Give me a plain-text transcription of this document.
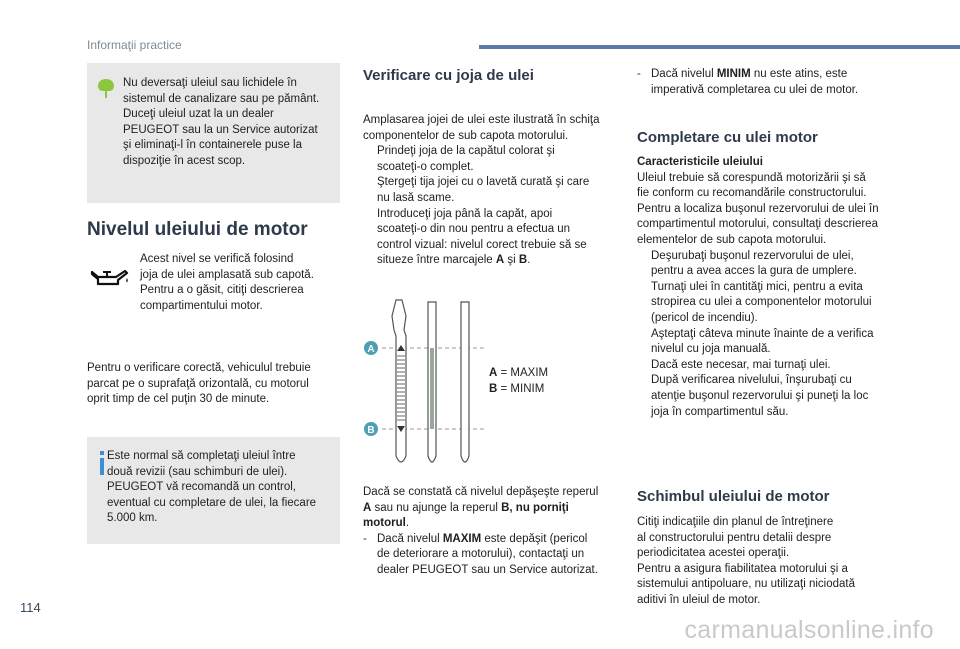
Informaţii practice
Nu deversaţi uleiul sau lichidele în
sistemul de canalizare sau pe pământ.
Duceţi uleiul uzat la un dealer
PEUGEOT sau la un Service autorizat
şi eliminaţi-l în containerele puse la
dispoziţie în acest scop.
Nivelul uleiului de motor
Acest nivel se verifică folosind
joja de ulei amplasată sub capotă.
Pentru a o găsit, citiţi descrierea
compartimentului motor.
Pentru o verificare corectă, vehiculul trebuie
parcat pe o suprafaţă orizontală, cu motorul
oprit timp de cel puţin 30 de minute.
Este normal să completaţi uleiul între
două revizii (sau schimburi de ulei).
PEUGEOT vă recomandă un control,
eventual cu completare de ulei, la fiecare
5.000 km.
Verificare cu joja de ulei
Amplasarea jojei de ulei este ilustrată în schiţa
componentelor de sub capota motorului.
Prindeţi joja de la capătul colorat şi
scoateţi-o complet.
Ştergeţi tija jojei cu o lavetă curată şi care
nu lasă scame.
Introduceţi joja până la capăt, apoi
scoateţi-o din nou pentru a efectua un
control vizual: nivelul corect trebuie să se
situeze între marcajele A şi B.
A
B
A = MAXIM
B = MINIM
Dacă se constată că nivelul depăşeşte reperul
A sau nu ajunge la reperul B, nu porniţi
motorul.
- Dacă nivelul MAXIM este depăşit (pericol
de deteriorare a motorului), contactaţi un
dealer PEUGEOT sau un Service autorizat.
- Dacă nivelul MINIM nu este atins, este
imperativă completarea cu ulei de motor.
Completare cu ulei motor
Caracteristicile uleiului
Uleiul trebuie să corespundă motorizării şi să
fie conform cu recomandările constructorului.
Pentru a localiza buşonul rezervorului de ulei în
compartimentul motorului, consultaţi descrierea
elementelor de sub capota motorului.
Deşurubaţi buşonul rezervorului de ulei,
pentru a avea acces la gura de umplere.
Turnaţi ulei în cantităţi mici, pentru a evita
stropirea cu ulei a componentelor motorului
(pericol de incendiu).
Aşteptaţi câteva minute înainte de a verifica
nivelul cu joja manuală.
Dacă este necesar, mai turnaţi ulei.
După verificarea nivelului, înşurubaţi cu
atenţie buşonul rezervorului şi puneţi la loc
joja în compartimentul său.
Schimbul uleiului de motor
Citiţi indicaţiile din planul de întreţinere
al constructorului pentru detalii despre
periodicitatea acestei operaţii.
Pentru a asigura fiabilitatea motorului şi a
sistemului antipoluare, nu utilizaţi niciodată
aditivi în uleiul de motor.
114
carmanualsonline.info
